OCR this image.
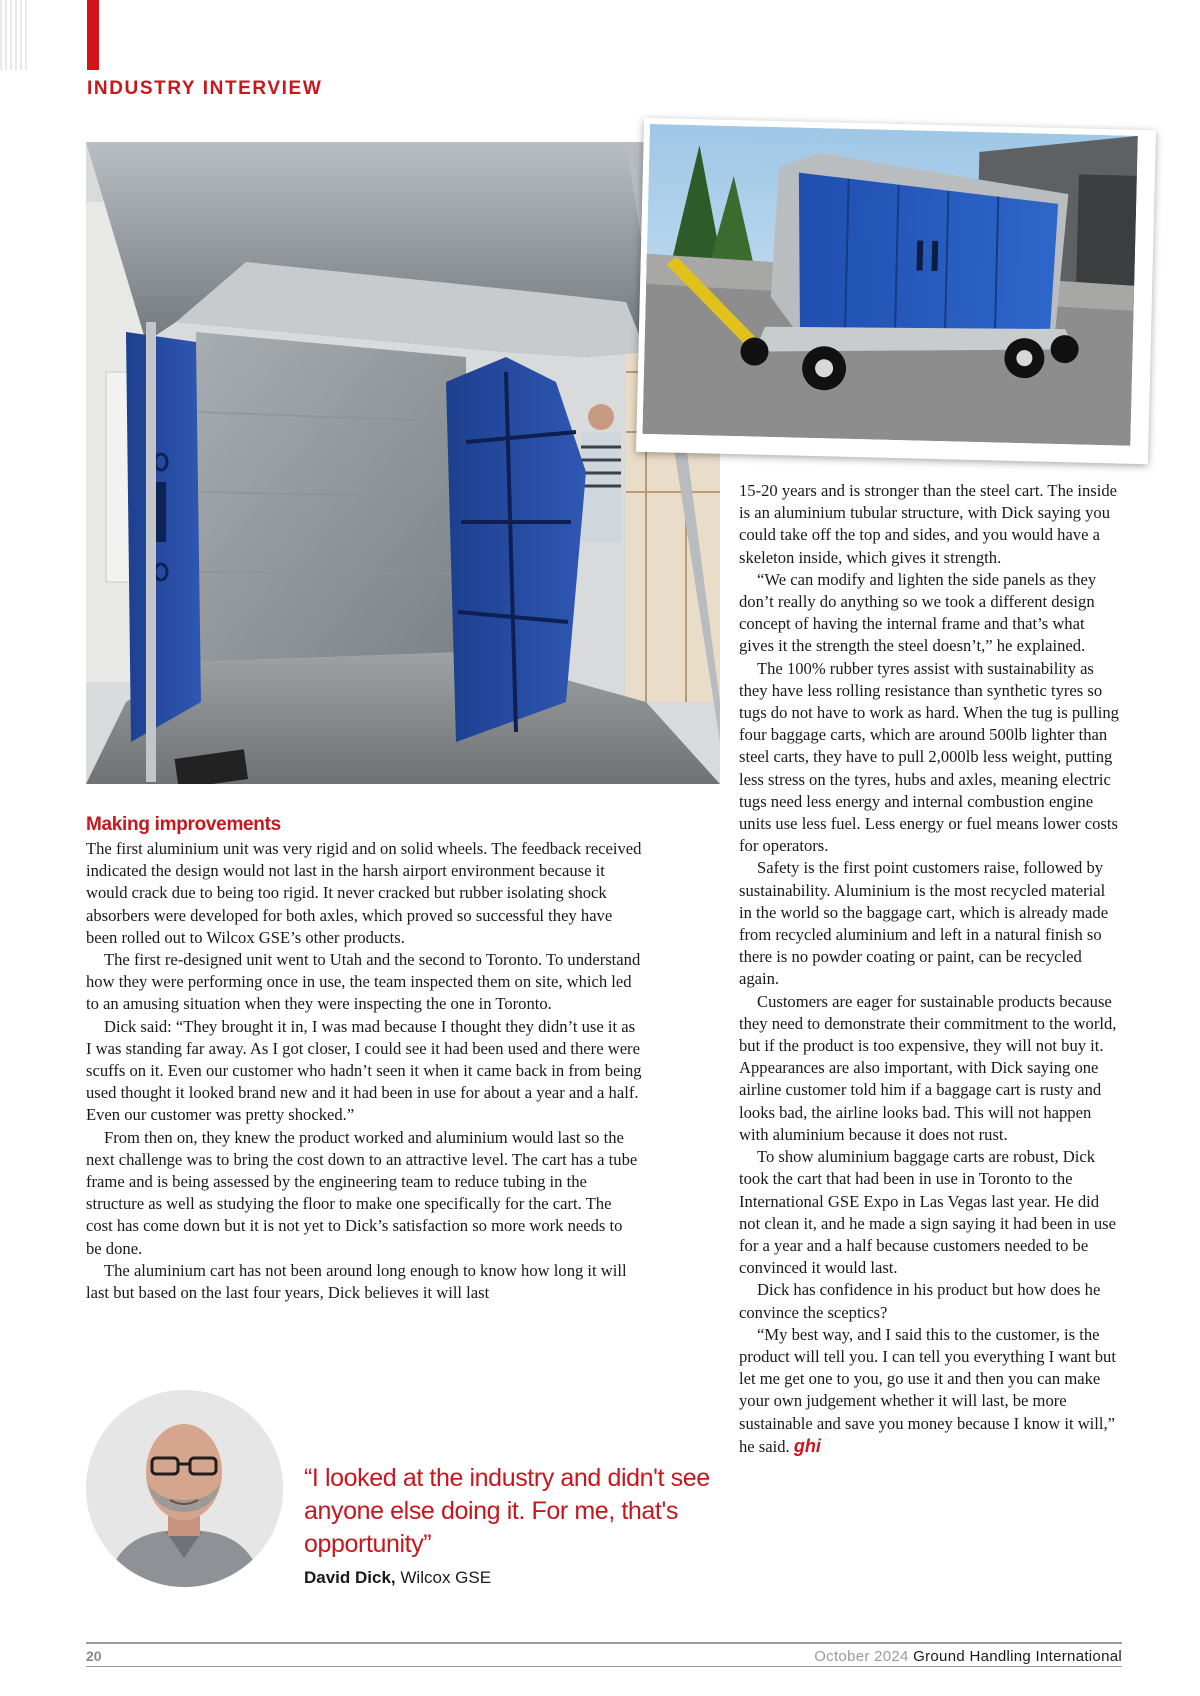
INDUSTRY INTERVIEW
Making improvements

The first aluminium unit was very rigid and on solid wheels. The feedback received indicated the design would not last in the harsh airport environment because it would crack due to being too rigid. It never cracked but rubber isolating shock absorbers were developed for both axles, which proved so successful they have been rolled out to Wilcox GSE’s other products.

The first re-designed unit went to Utah and the second to Toronto. To understand how they were performing once in use, the team inspected them on site, which led to an amusing situation when they were inspecting the one in Toronto.

Dick said: “They brought it in, I was mad because I thought they didn’t use it as I was standing far away. As I got closer, I could see it had been used and there were scuffs on it. Even our customer who hadn’t seen it when it came back in from being used thought it looked brand new and it had been in use for about a year and a half. Even our customer was pretty shocked.”

From then on, they knew the product worked and aluminium would last so the next challenge was to bring the cost down to an attractive level. The cart has a tube frame and is being assessed by the engineering team to reduce tubing in the structure as well as studying the floor to make one specifically for the cart. The cost has come down but it is not yet to Dick’s satisfaction so more work needs to be done.

The aluminium cart has not been around long enough to know how long it will last but based on the last four years, Dick believes it will last

15-20 years and is stronger than the steel cart. The inside is an aluminium tubular structure, with Dick saying you could take off the top and sides, and you would have a skeleton inside, which gives it strength.

“We can modify and lighten the side panels as they don’t really do anything so we took a different design concept of having the internal frame and that’s what gives it the strength the steel doesn’t,” he explained.

The 100% rubber tyres assist with sustainability as they have less rolling resistance than synthetic tyres so tugs do not have to work as hard. When the tug is pulling four baggage carts, which are around 500lb lighter than steel carts, they have to pull 2,000lb less weight, putting less stress on the tyres, hubs and axles, meaning electric tugs need less energy and internal combustion engine units use less fuel. Less energy or fuel means lower costs for operators.

Safety is the first point customers raise, followed by sustainability. Aluminium is the most recycled material in the world so the baggage cart, which is already made from recycled aluminium and left in a natural finish so there is no powder coating or paint, can be recycled again.

Customers are eager for sustainable products because they need to demonstrate their commitment to the world, but if the product is too expensive, they will not buy it. Appearances are also important, with Dick saying one airline customer told him if a baggage cart is rusty and looks bad, the airline looks bad. This will not happen with aluminium because it does not rust.

To show aluminium baggage carts are robust, Dick took the cart that had been in use in Toronto to the International GSE Expo in Las Vegas last year. He did not clean it, and he made a sign saying it had been in use for a year and a half because customers needed to be convinced it would last.

Dick has confidence in his product but how does he convince the sceptics?

“My best way, and I said this to the customer, is the product will tell you. I can tell you everything I want but let me get one to you, go use it and then you can make your own judgement whether it will last, be more sustainable and save you money because I know it will,” he said. ghi

“I looked at the industry and didn't see anyone else doing it. For me, that's opportunity”

David Dick, Wilcox GSE
20	October 2024 Ground Handling International
